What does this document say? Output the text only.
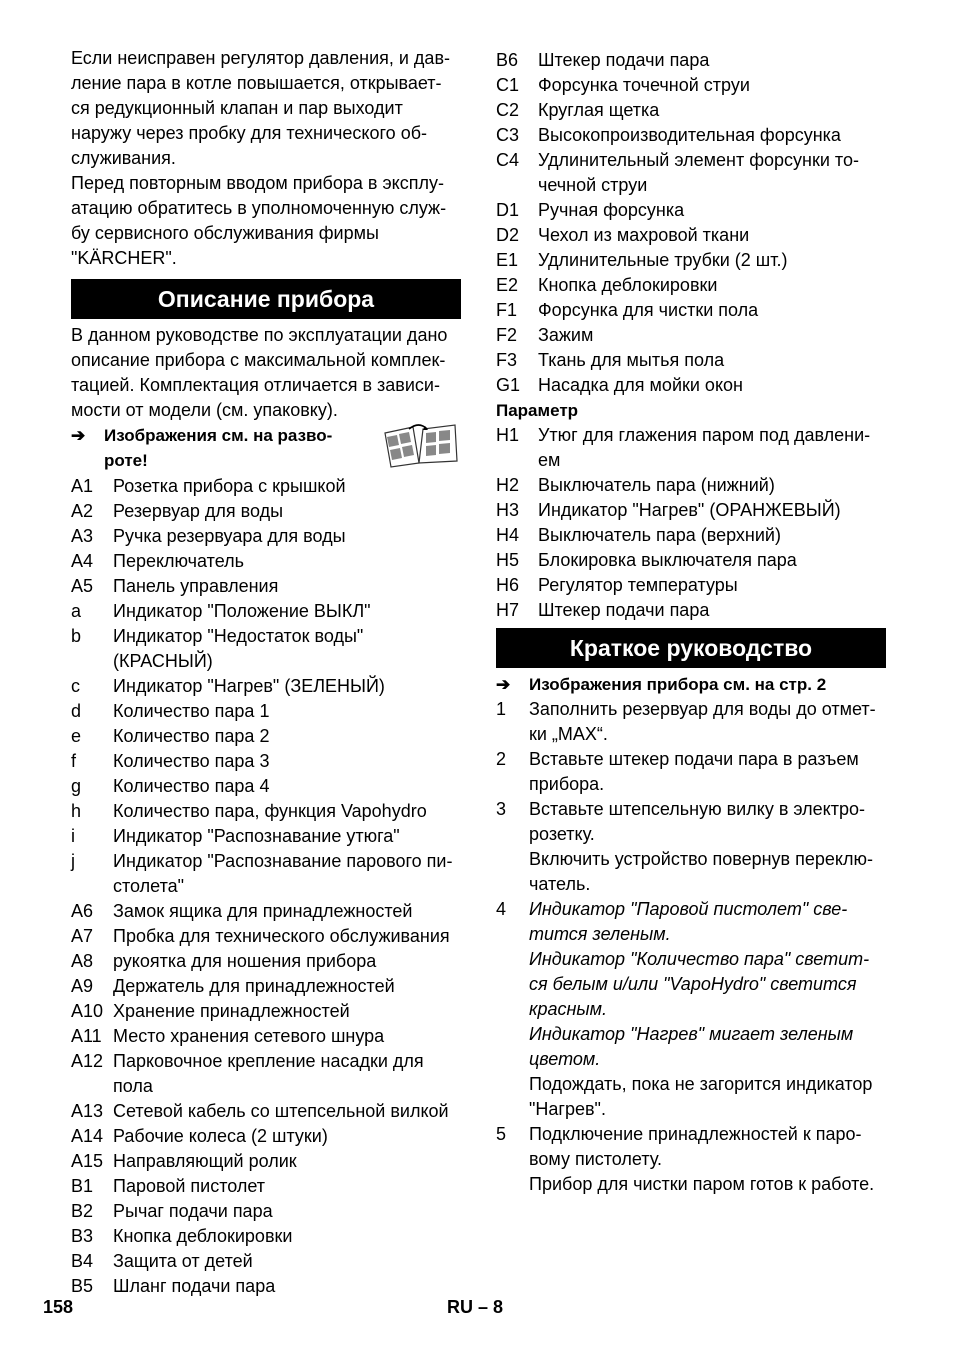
Если неисправен регулятор давления, и дав-
ление пара в котле повышается, открывает-
ся редукционный клапан и пар выходит
наружу через пробку для технического об-
служивания.
Перед повторным вводом прибора в эксплу-
атацию обратитесь в уполномоченную служ-
бу сервисного обслуживания фирмы
"KÄRCHER".
Описание прибора
В данном руководстве по эксплуатации дано
описание прибора с максимальной комплек-
тацией. Комплектация отличается в зависи-
мости от модели (см. упаковку).
➔ Изображения см. на разво-
роте!
A1 Розетка прибора с крышкой
A2 Резервуар для воды
A3 Ручка резервуара для воды
A4 Переключатель
A5 Панель управления
a Индикатор "Положение ВЫКЛ"
b Индикатор "Недостаток воды" (КРАСНЫЙ)
c Индикатор "Нагрев" (ЗЕЛЕНЫЙ)
d Количество пара 1
e Количество пара 2
f Количество пара 3
g Количество пара 4
h Количество пара, функция Vapohydro
i Индикатор "Распознавание утюга"
j Индикатор "Распознавание парового пи-
столета"
A6 Замок ящика для принадлежностей
A7 Пробка для технического обслуживания
A8 рукоятка для ношения прибора
A9 Держатель для принадлежностей
A10 Хранение принадлежностей
A11 Место хранения сетевого шнура
A12 Парковочное крепление насадки для
пола
A13 Сетевой кабель со штепсельной вилкой
A14 Рабочие колеса (2 штуки)
A15 Направляющий ролик
B1 Паровой пистолет
B2 Рычаг подачи пара
B3 Кнопка деблокировки
B4 Защита от детей
B5 Шланг подачи пара
B6 Штекер подачи пара
C1 Форсунка точечной струи
C2 Круглая щетка
C3 Высокопроизводительная форсунка
C4 Удлинительный элемент форсунки то-
чечной струи
D1 Ручная форсунка
D2 Чехол из махровой ткани
E1 Удлинительные трубки (2 шт.)
E2 Кнопка деблокировки
F1 Форсунка для чистки пола
F2 Зажим
F3 Ткань для мытья пола
G1 Насадка для мойки окон
Параметр
H1 Утюг для глажения паром под давлени-
ем
H2 Выключатель пара (нижний)
H3 Индикатор "Нагрев" (ОРАНЖЕВЫЙ)
H4 Выключатель пара (верхний)
H5 Блокировка выключателя пара
H6 Регулятор температуры
H7 Штекер подачи пара
Краткое руководство
➔	Изображения прибора см. на стр. 2
1 Заполнить резервуар для воды до отмет-
ки „MAX“.
2 Вставьте штекер подачи пара в разъем
прибора.
3 Вставьте штепсельную вилку в электро-
розетку.
Включить устройство повернув переклю-
чатель.
4 Индикатор "Паровой пистолет" све-
тится зеленым.
Индикатор "Количество пара" светит-
ся белым и/или "VapoHydro" светится
красным.
Индикатор "Нагрев" мигает зеленым
цветом.
Подождать, пока не загорится индикатор
"Нагрев".
5 Подключение принадлежностей к паро-
вому пистолету.
Прибор для чистки паром готов к работе.
158	RU – 8
